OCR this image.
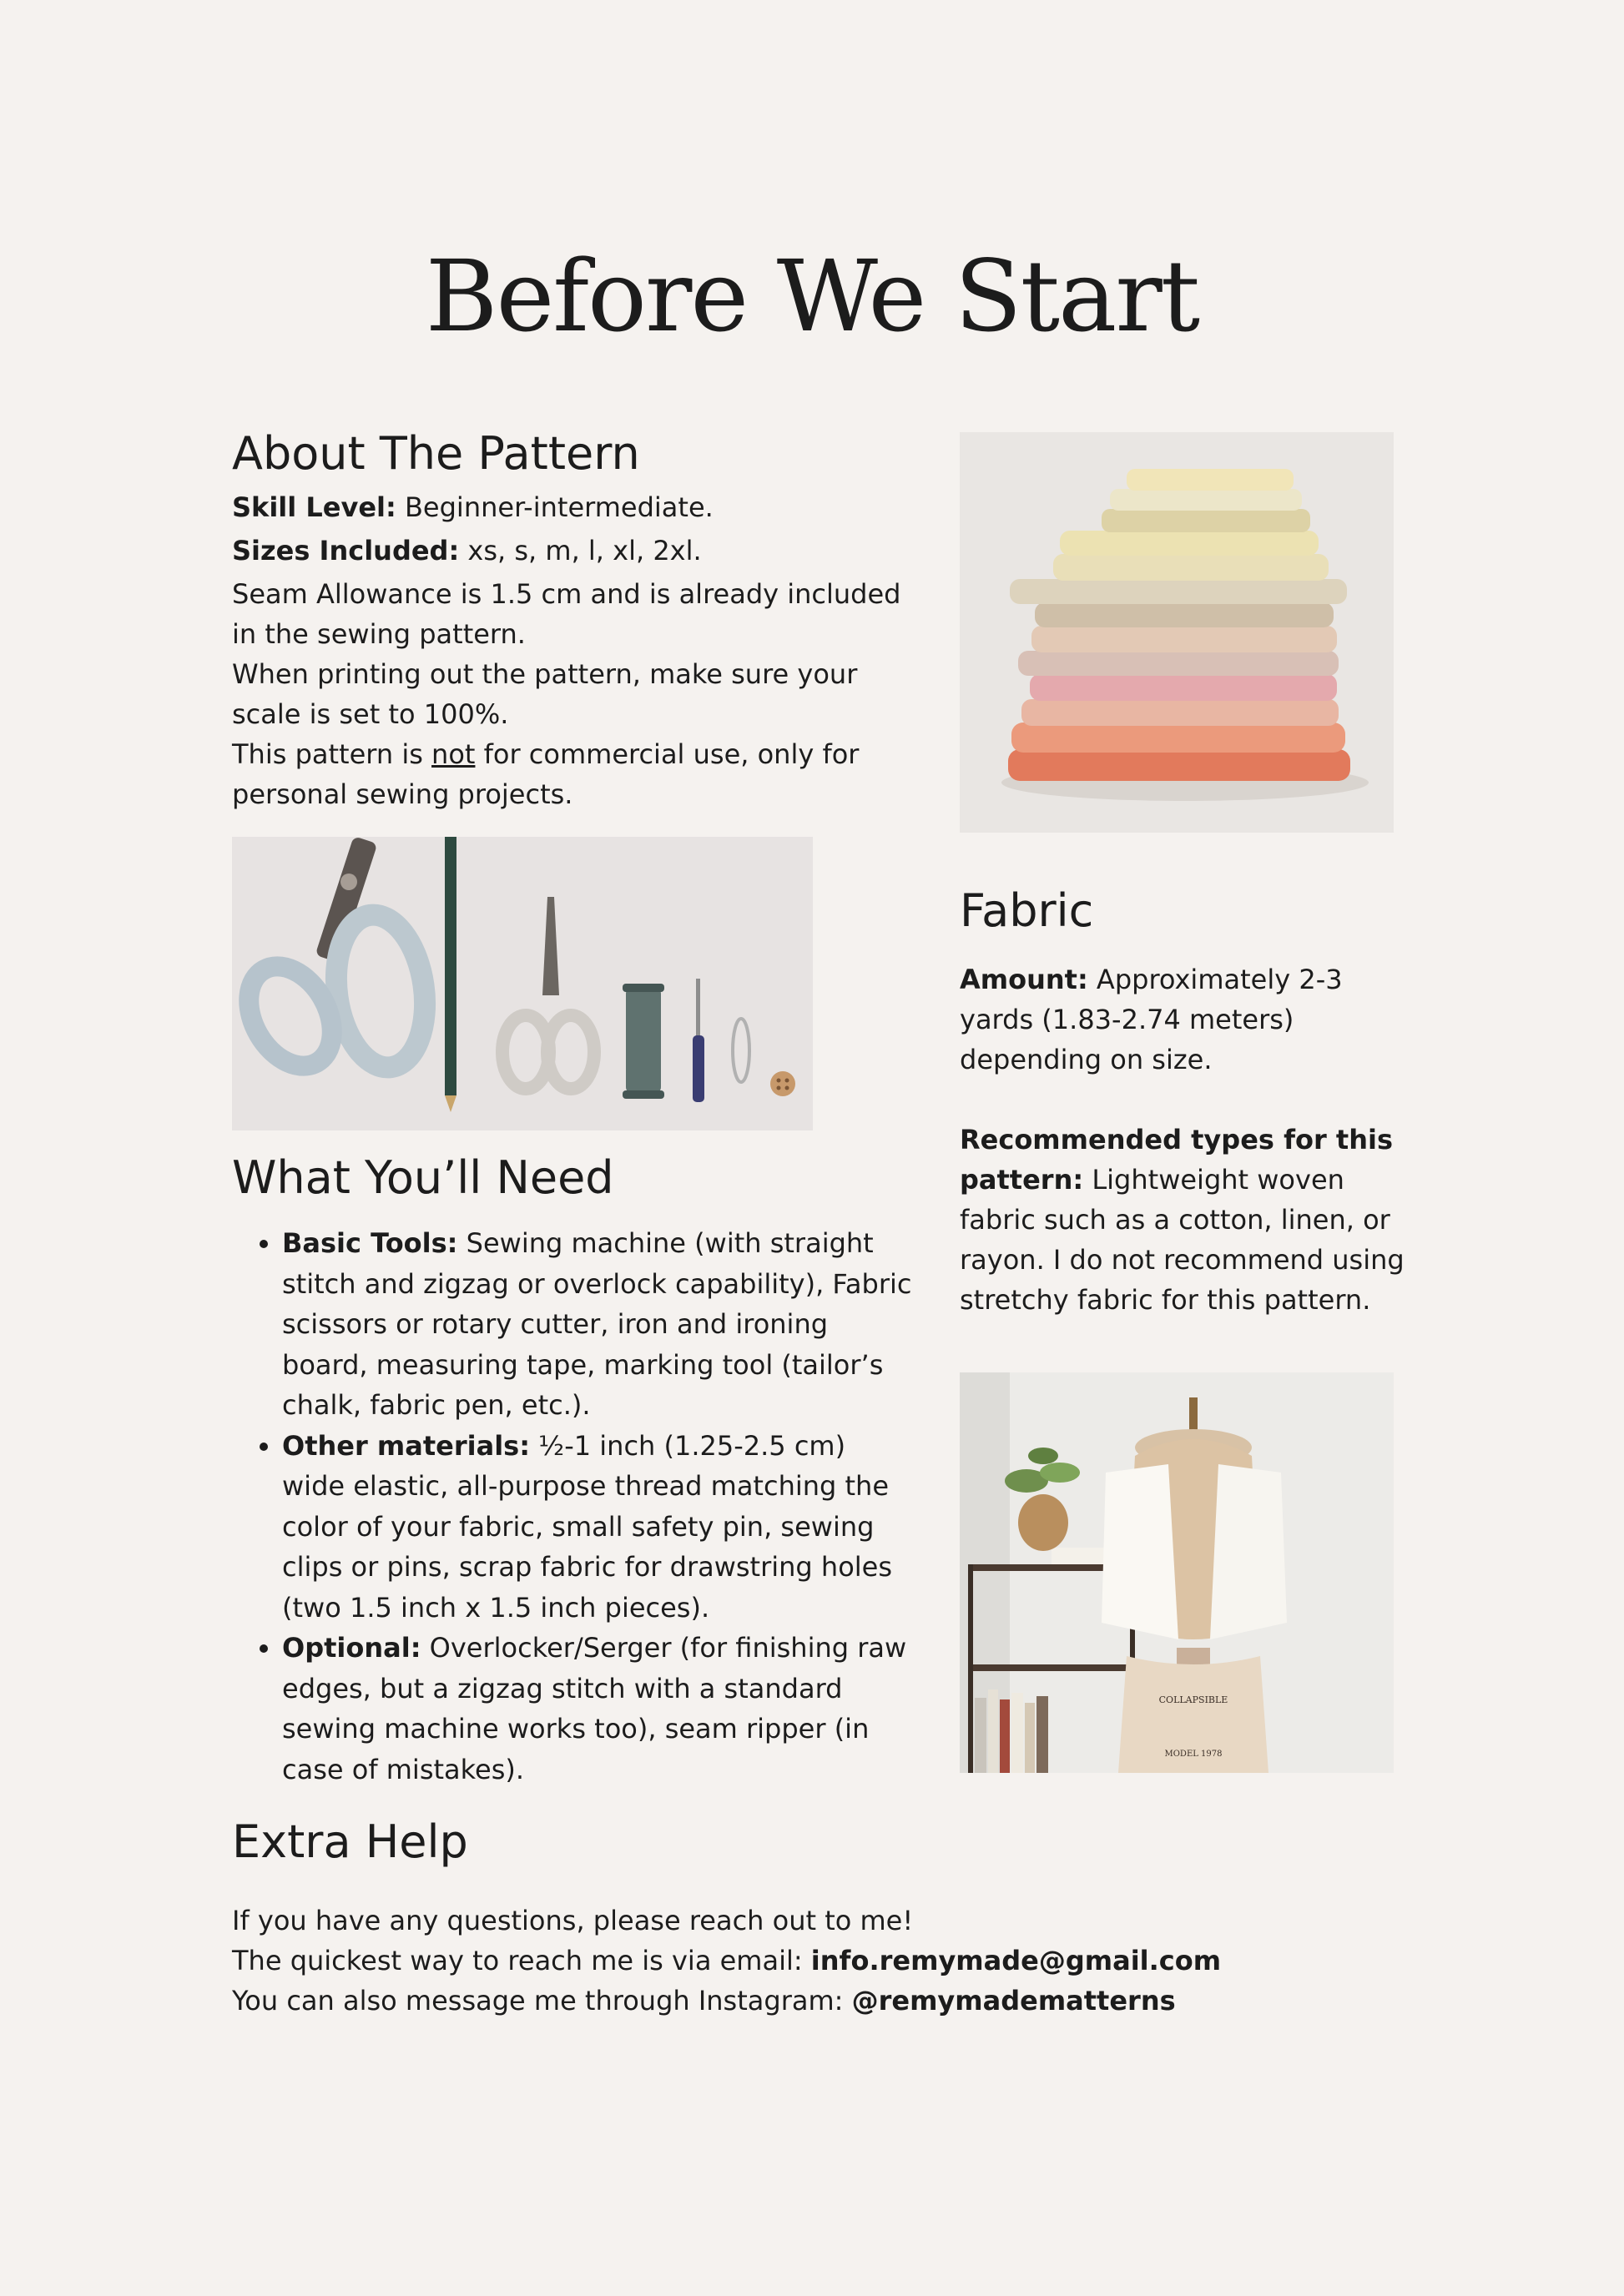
Before We Start
About The Pattern
Skill Level: Beginner-intermediate.
Sizes Included: xs, s, m, l, xl, 2xl.
Seam Allowance is 1.5 cm and is already included
in the sewing pattern.
When printing out the pattern, make sure your
scale is set to 100%.
This pattern is not for commercial use, only for
personal sewing projects.
What You’ll Need
• Basic Tools: Sewing machine (with straight stitch and zigzag or overlock capability), Fabric scissors or rotary cutter, iron and ironing board, measuring tape, marking tool (tailor’s chalk, fabric pen, etc.).
• Other materials: ½-1 inch (1.25-2.5 cm) wide elastic, all-purpose thread matching the color of your fabric, small safety pin, sewing clips or pins, scrap fabric for drawstring holes (two 1.5 inch x 1.5 inch pieces).
• Optional: Overlocker/Serger (for finishing raw edges, but a zigzag stitch with a standard sewing machine works too), seam ripper (in case of mistakes).
Fabric
Amount: Approximately 2-3
yards (1.83-2.74 meters)
depending on size.
Recommended types for this
pattern: Lightweight woven
fabric such as a cotton, linen, or
rayon. I do not recommend using
stretchy fabric for this pattern.
COLLAPSIBLE
MODEL 1978
Extra Help
If you have any questions, please reach out to me!
The quickest way to reach me is via email: info.remymade@gmail.com
You can also message me through Instagram: @remymadematterns
